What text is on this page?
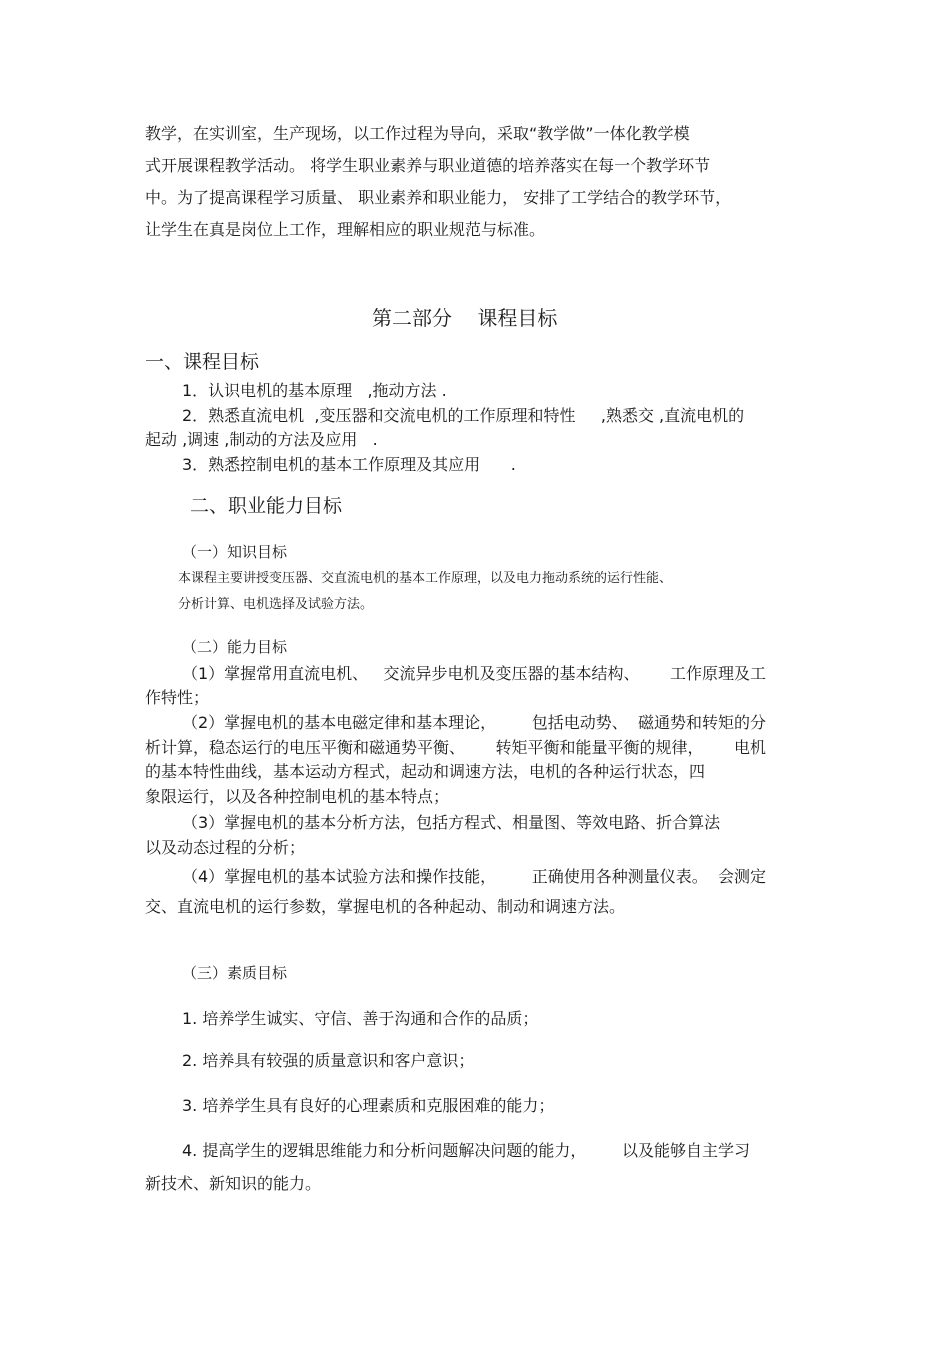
教学，在实训室，生产现场，以工作过程为导向，采取“教学做”一体化教学模
式开展课程教学活动。 将学生职业素养与职业道德的培养落实在每一个教学环节
中。为了提高课程学习质量、 职业素养和职业能力， 安排了工学结合的教学环节，
让学生在真是岗位上工作，理解相应的职业规范与标准。
第二部分    课程目标
一、课程目标
1．认识电机的基本原理   ,拖动方法 .
2．熟悉直流电机  ,变压器和交流电机的工作原理和特性     ,熟悉交 ,直流电机的
起动 ,调速 ,制动的方法及应用   .
3．熟悉控制电机的基本工作原理及其应用      .
二、职业能力目标
（一）知识目标
本课程主要讲授变压器、交直流电机的基本工作原理，以及电力拖动系统的运行性能、
分析计算、电机选择及试验方法。
（二）能力目标
（1）掌握常用直流电机、   交流异步电机及变压器的基本结构、      工作原理及工
作特性；
（2）掌握电机的基本电磁定律和基本理论，       包括电动势、  磁通势和转矩的分
析计算，稳态运行的电压平衡和磁通势平衡、      转矩平衡和能量平衡的规律，      电机
的基本特性曲线，基本运动方程式，起动和调速方法，电机的各种运行状态，四
象限运行，以及各种控制电机的基本特点；
（3）掌握电机的基本分析方法，包括方程式、相量图、等效电路、折合算法
以及动态过程的分析；
（4）掌握电机的基本试验方法和操作技能，       正确使用各种测量仪表。  会测定
交、直流电机的运行参数，掌握电机的各种起动、制动和调速方法。
（三）素质目标
1. 培养学生诚实、守信、善于沟通和合作的品质；
2. 培养具有较强的质量意识和客户意识；
3. 培养学生具有良好的心理素质和克服困难的能力；
4. 提高学生的逻辑思维能力和分析问题解决问题的能力，       以及能够自主学习
新技术、新知识的能力。
